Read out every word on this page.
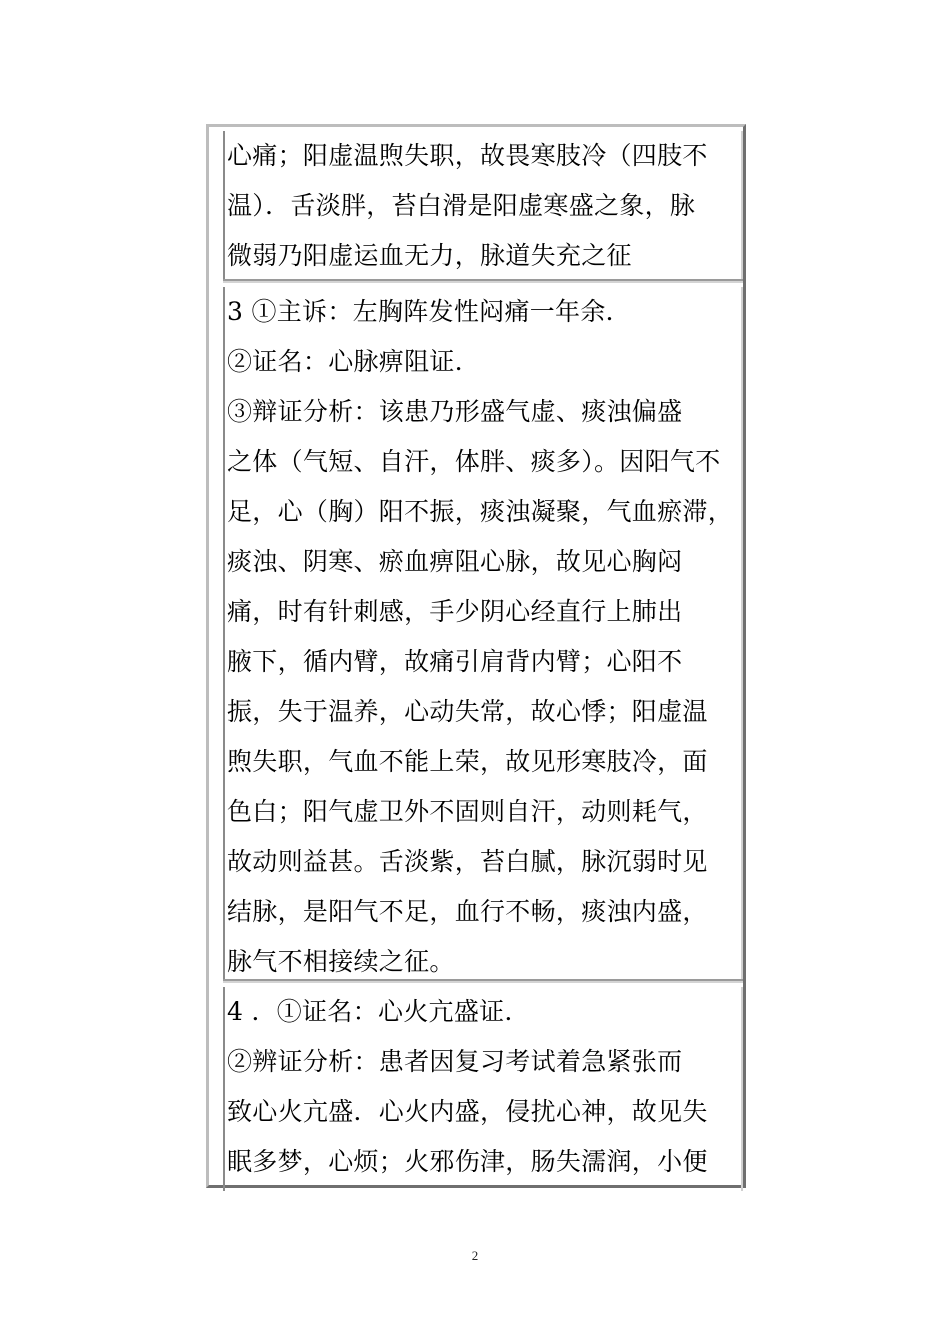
心痛；阳虚温煦失职，故畏寒肢冷（四肢不
温）．舌淡胖，苔白滑是阳虚寒盛之象，脉
微弱乃阳虚运血无力，脉道失充之征
3 ①主诉：左胸阵发性闷痛一年余．
②证名：心脉痹阻证．
③辩证分析：该患乃形盛气虚、痰浊偏盛
之体（气短、自汗，体胖、痰多）。因阳气不
足，心（胸）阳不振，痰浊凝聚，气血瘀滞，
痰浊、阴寒、瘀血痹阻心脉，故见心胸闷
痛，时有针刺感，手少阴心经直行上肺出
腋下，循内臂，故痛引肩背内臂；心阳不
振，失于温养，心动失常，故心悸；阳虚温
煦失职，气血不能上荣，故见形寒肢冷，面
色白；阳气虚卫外不固则自汗，动则耗气，
故动则益甚。舌淡紫，苔白腻，脉沉弱时见
结脉，是阳气不足，血行不畅，痰浊内盛，
脉气不相接续之征。
4 ．①证名：心火亢盛证．
②辨证分析：患者因复习考试着急紧张而
致心火亢盛．心火内盛，侵扰心神，故见失
眠多梦，心烦；火邪伤津，肠失濡润，小便
2
